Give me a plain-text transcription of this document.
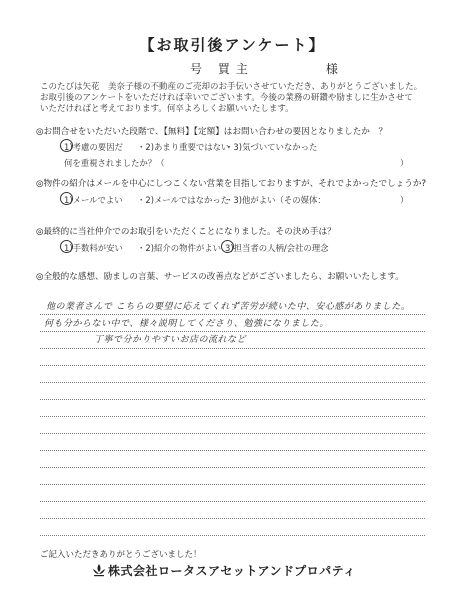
【お取引後アンケート】
号 買主　　　　様
このたびは矢花　美奈子様の不動産のご売却のお手伝いさせていただき、ありがとうございました。
お取引後のアンケートをいただければ幸いでございます。今後の業務の研鑽や励ましに生かさせて
いただければと考えております。何卒よろしくお願いいたします。
◎お問合せをいただいた段階で、【無料】【定額】はお問い合わせの要因となりましたか　？
1)考慮の要因だ ・2)あまり重要ではない
・3)気づいていなかった
何を重視されましたか？（	）
◎物件の紹介はメールを中心にしつこくない営業を目指しておりますが、それでよかったでしょうか?
1)メールでよい ・2)メールではなかった
・3)他がよい（その媒体：	）
◎最終的に当社仲介でのお取引をいただくことになりました。その決め手は？
1)手数料が安い ・2)紹介の物件がよい 3)担当者の人柄/会社の理念
◎全般的な感想、励ましの言葉、サービスの改善点などがございましたら、お願いいたします。
他の業者さんで こちらの要望に応えてくれず苦労が続いた中、安心感がありました。
何も分からない中で、様々説明してくださり、勉強になりました。
丁寧で分かりやすいお店の流れなど
ご記入いただきありがとうございました！
株式会社ロータスアセットアンドプロパティ
